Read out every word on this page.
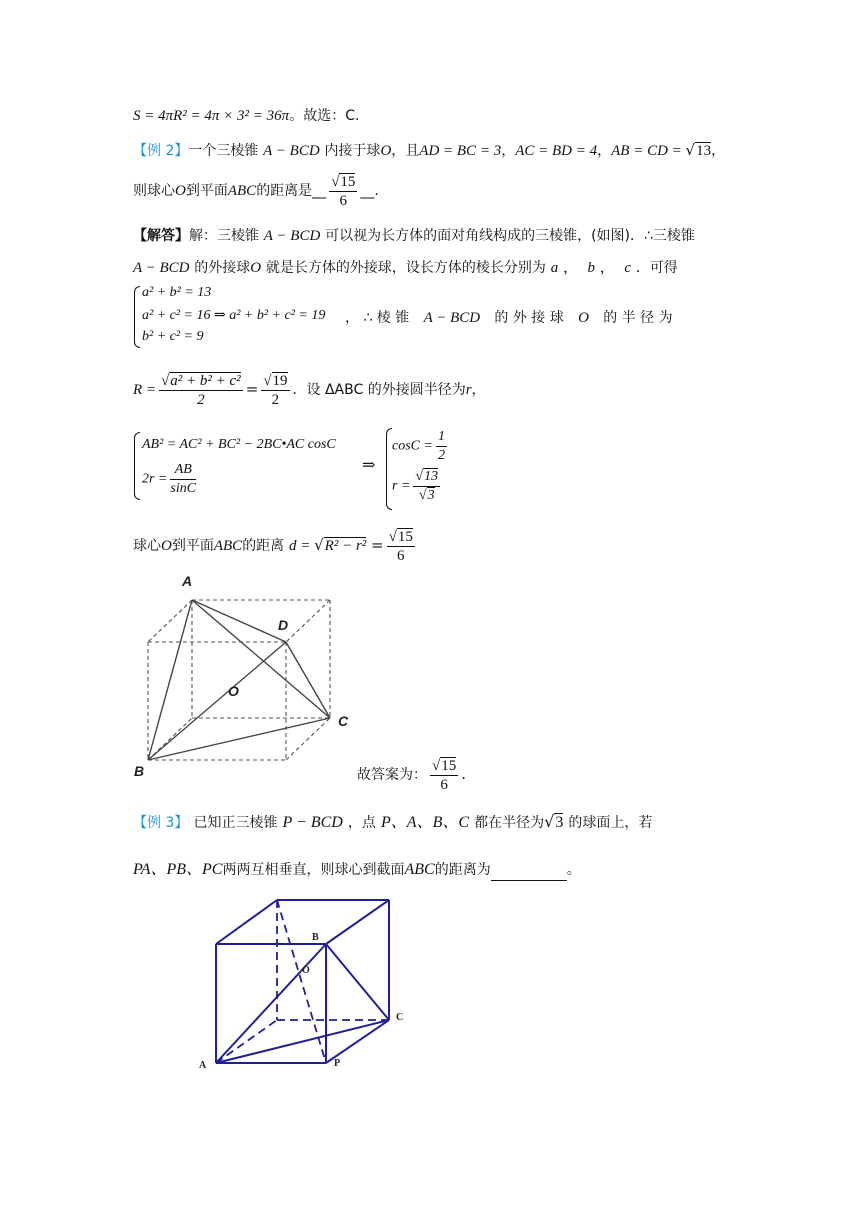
S = 4πR² = 4π × 3² = 36π。故选：C.
【例 2】一个三棱锥 A − BCD 内接于球O，且AD = BC = 3，AC = BD = 4，AB = CD = √13，
则球心O到平面ABC的距离是__ $\frac{√15}{6}$ __.
【解答】解：三棱锥 A − BCD 可以视为长方体的面对角线构成的三棱锥，(如图)．∴三棱锥
A − BCD 的外接球O 就是长方体的外接球，设长方体的棱长分别为 a ，  b ，  c ．可得
a² + b² = 13
a² + c² = 16 ⇒ a² + b² + c² = 19
b² + c² = 9
， ∴ 棱 锥 A − BCD 的 外 接 球 O 的 半 径 为
$R = \frac{\text{√a² + b² + c²}}{2} = \frac{√19}{2}$ ．设 ΔABC 的外接圆半径为r，
AB² = AC² + BC² − 2BC•AC cosC
$2r = \frac{AB}{\sin C}$	⇒
$\cos C = \frac{1}{2}$
$r = \frac{√13}{√3}$
球心O到平面ABC的距离 $d = √R^2 - r^2 = \frac{√15}{6}$
A
B
C
D
O
故答案为： $\frac{√15}{6}$ .
【例 3】 已知正三棱锥 P − BCD ，点 P、A、B、C 都在半径为√3 的球面上，若
PA、PB、PC两两互相垂直，则球心到截面ABC的距离为	。
A
B
C
O
P
